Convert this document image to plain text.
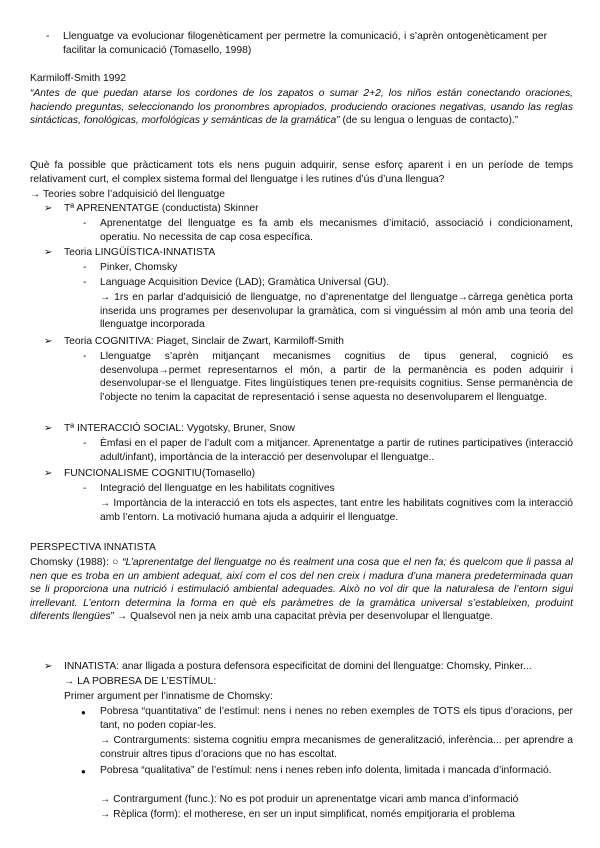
- Llenguatge va evolucionar filogenèticament per permetre la comunicació, i s’aprèn ontogenèticament per facilitar la comunicació (Tomasello, 1998)
Karmiloff-Smith 1992
“Antes de que puedan atarse los cordones de los zapatos o sumar 2+2, los niños están conectando oraciones, haciendo preguntas, seleccionando los pronombres apropiados, produciendo oraciones negativas, usando las reglas sintácticas, fonológicas, morfológicas y semánticas de la gramática” (de su lengua o lenguas de contacto).”
Què fa possible que pràcticament tots els nens puguin adquirir, sense esforç aparent i en un període de temps relativament curt, el complex sistema formal del llenguatge i les rutines d’ús d’una llengua?
→ Teories sobre l’adquisició del llenguatge
➢ Tª APRENENTATGE (conductista) Skinner
- Aprenentatge del llenguatge es fa amb els mecanismes d’imitació, associació i condicionament, operatiu. No necessita de cap cosa específica.
➢ Teoria LINGÜÍSTICA-INNATISTA
- Pinker, Chomsky
- Language Acquisition Device (LAD); Gramàtica Universal (GU).
→ 1rs en parlar d’adquisició de llenguatge, no d’aprenentatge del llenguatge→càrrega genètica porta inserida uns programes per desenvolupar la gramàtica, com si vinguéssim al món amb una teoria del llenguatge incorporada
➢ Teoria COGNITIVA: Piaget, Sinclair de Zwart, Karmiloff-Smith
- Llenguatge s’aprèn mitjançant mecanismes cognitius de tipus general, cognició es desenvolupa→permet representarnos el món, a partir de la permanència es poden adquirir i desenvolupar-se el llenguatge. Fites lingüístiques tenen pre-requisits cognitius. Sense permanència de l’objecte no tenim la capacitat de representació i sense aquesta no desenvoluparem el llenguatge.
➢ Tª INTERACCIÓ SOCIAL: Vygotsky, Bruner, Snow
- Èmfasi en el paper de l’adult com a mitjancer. Aprenentatge a partir de rutines participatives (interacció adult/infant), importància de la interacció per desenvolupar el llenguatge..
➢ FUNCIONALISME COGNITIU(Tomasello)
- Integració del llenguatge en les habilitats cognitives
→ Importància de la interacció en tots els aspectes, tant entre les habilitats cognitives com la interacció amb l’entorn. La motivació humana ajuda a adquirir el llenguatge.
PERSPECTIVA INNATISTA
Chomsky (1988): ○ “L’aprenentatge del llenguatge no és realment una cosa que el nen fa; és quelcom que li passa al nen que es troba en un ambient adequat, així com el cos del nen creix i madura d’una manera predeterminada quan se li proporciona una nutrició i estimulació ambiental adequades. Això no vol dir que la naturalesa de l’entorn sigui irrellevant. L’entorn determina la forma en què els paràmetres de la gramàtica universal s’estableixen, produint diferents llengües” → Qualsevol nen ja neix amb una capacitat prèvia per desenvolupar el llenguatge.
➢ INNATISTA: anar lligada a postura defensora especificitat de domini del llenguatge: Chomsky, Pinker...
→ LA POBRESA DE L’ESTÍMUL:
Primer argument per l’innatisme de Chomsky:
● Pobresa “quantitativa” de l’estímul: nens i nenes no reben exemples de TOTS els tipus d’oracions, per tant, no poden copiar-les.
→ Contrarguments: sistema cognitiu empra mecanismes de generalització, inferència... per aprendre a construir altres tipus d’oracions que no has escoltat.
● Pobresa “qualitativa” de l’estímul: nens i nenes reben info dolenta, limitada i mancada d’informació.
→ Contrargument (func.): No es pot produir un aprenentatge vicari amb manca d’informació
→ Rèplica (form): el motherese, en ser un input simplificat, només empitjoraria el problema
